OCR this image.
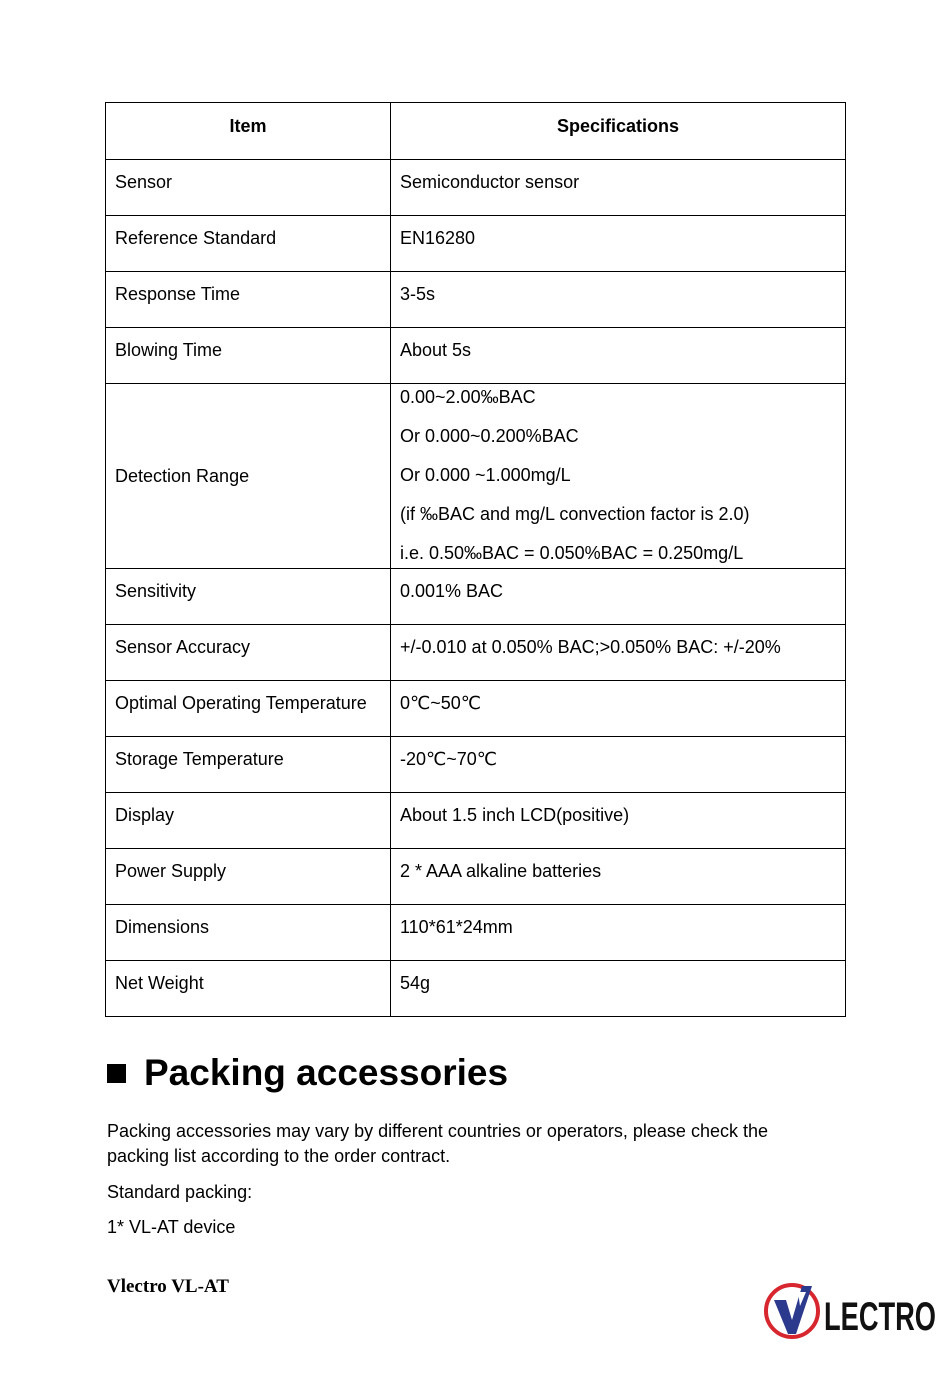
Item	Specifications
Sensor	Semiconductor sensor
Reference Standard	EN16280
Response Time	3-5s
Blowing Time	About 5s
Detection Range	0.00~2.00‰BAC
Or 0.000~0.200%BAC
Or 0.000 ~1.000mg/L
(if ‰BAC and mg/L convection factor is 2.0)
i.e. 0.50‰BAC = 0.050%BAC = 0.250mg/L

Sensitivity	0.001% BAC
Sensor Accuracy	+/-0.010 at 0.050% BAC;>0.050% BAC: +/-20%
Optimal Operating Temperature	0℃~50℃
Storage Temperature	-20℃~70℃
Display	About 1.5 inch LCD(positive)
Power Supply	2 * AAA alkaline batteries
Dimensions	110*61*24mm
Net Weight	54g
Packing accessories
Packing accessories may vary by different countries or operators, please check the packing list according to the order contract.
Standard packing:
1* VL-AT device
Vlectro VL-AT
LECTRO
